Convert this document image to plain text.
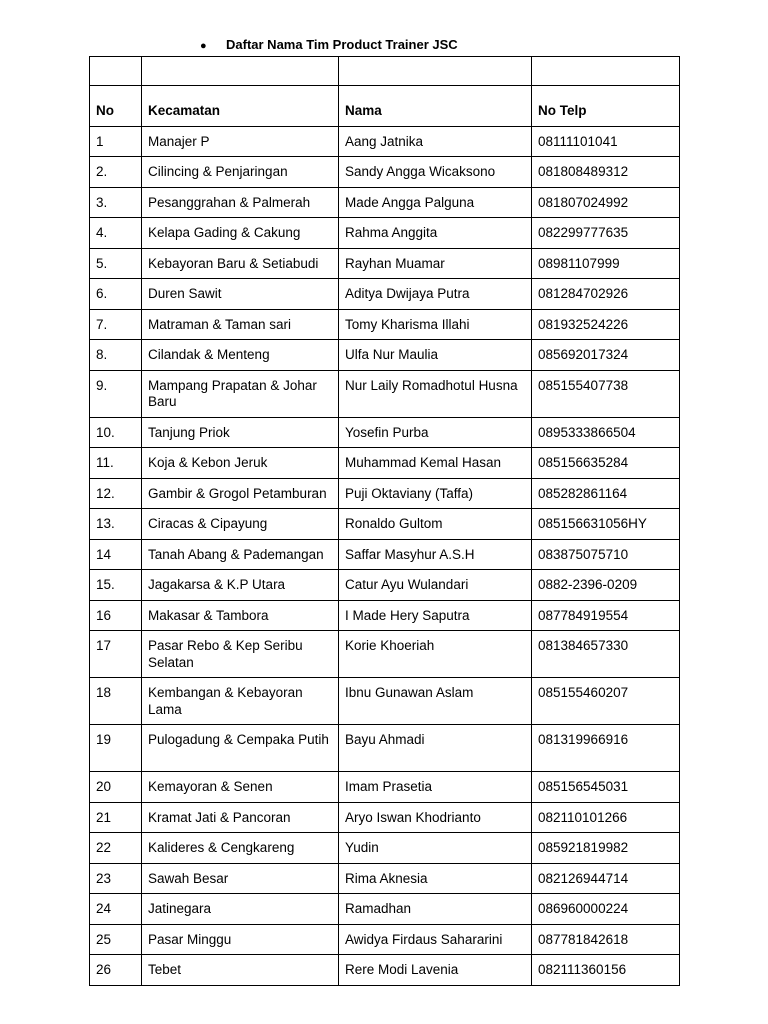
● Daftar Nama Tim Product Trainer JSC

No	Kecamatan	Nama	No Telp
1	Manajer P	Aang Jatnika	08111101041
2.	Cilincing & Penjaringan	Sandy Angga Wicaksono	081808489312
3.	Pesanggrahan & Palmerah	Made Angga Palguna	081807024992
4.	Kelapa Gading & Cakung	Rahma Anggita	082299777635
5.	Kebayoran Baru & Setiabudi	Rayhan Muamar	08981107999
6.	Duren Sawit	Aditya Dwijaya Putra	081284702926
7.	Matraman & Taman sari	Tomy Kharisma Illahi	081932524226
8.	Cilandak & Menteng	Ulfa Nur Maulia	085692017324
9.	Mampang Prapatan & Johar Baru	Nur Laily Romadhotul Husna	085155407738
10.	Tanjung Priok	Yosefin Purba	0895333866504
11.	Koja & Kebon Jeruk	Muhammad Kemal Hasan	085156635284
12.	Gambir & Grogol Petamburan	Puji Oktaviany (Taffa)	085282861164
13.	Ciracas & Cipayung	Ronaldo Gultom	085156631056HY
14	Tanah Abang & Pademangan	Saffar Masyhur A.S.H	083875075710
15.	Jagakarsa & K.P Utara	Catur Ayu Wulandari	0882-2396-0209
16	Makasar & Tambora	I Made Hery Saputra	087784919554
17	Pasar Rebo & Kep Seribu Selatan	Korie Khoeriah	081384657330
18	Kembangan & Kebayoran Lama	Ibnu Gunawan Aslam	085155460207
19	Pulogadung & Cempaka Putih	Bayu Ahmadi	081319966916
20	Kemayoran & Senen	Imam Prasetia	085156545031
21	Kramat Jati & Pancoran	Aryo Iswan Khodrianto	082110101266
22	Kalideres & Cengkareng	Yudin	085921819982
23	Sawah Besar	Rima Aknesia	082126944714
24	Jatinegara	Ramadhan	086960000224
25	Pasar Minggu	Awidya Firdaus Sahararini	087781842618
26	Tebet	Rere Modi Lavenia	082111360156
